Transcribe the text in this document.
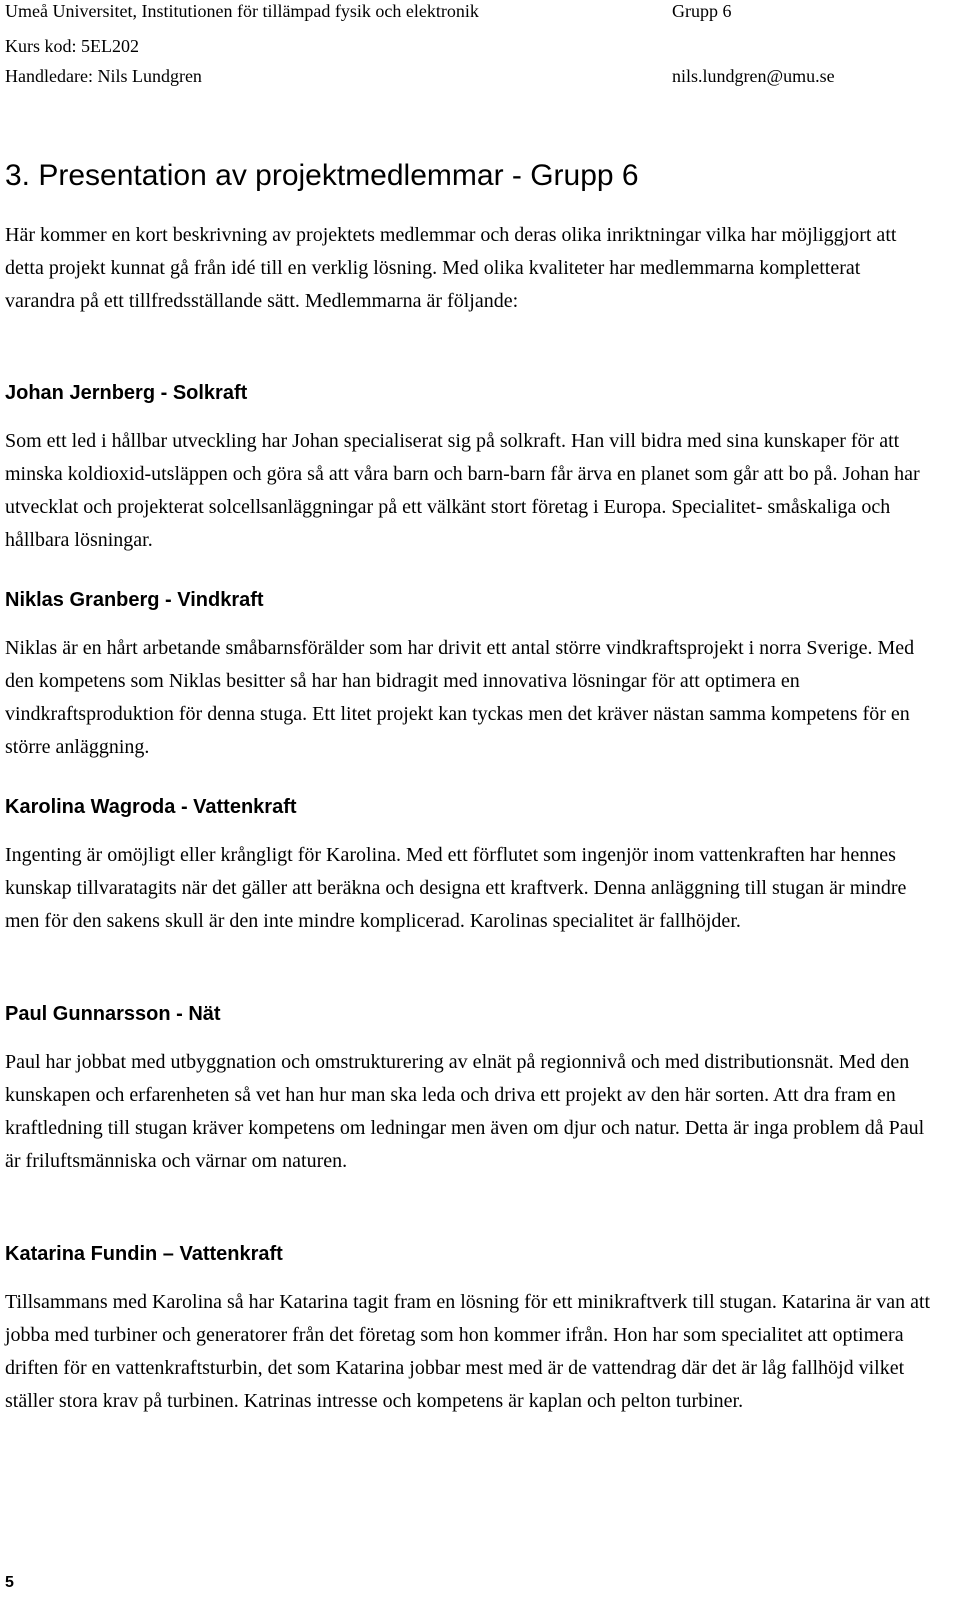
Umeå Universitet, Institutionen för tillämpad fysik och elektronik	Grupp 6
Kurs kod: 5EL202
Handledare: Nils Lundgren	nils.lundgren@umu.se
3. Presentation av projektmedlemmar - Grupp 6

Här kommer en kort beskrivning av projektets medlemmar och deras olika inriktningar vilka har möjliggjort att detta projekt kunnat gå från idé till en verklig lösning. Med olika kvaliteter har medlemmarna kompletterat varandra på ett tillfredsställande sätt. Medlemmarna är följande:

Johan Jernberg - Solkraft

Som ett led i hållbar utveckling har Johan specialiserat sig på solkraft. Han vill bidra med sina kunskaper för att minska koldioxid-utsläppen och göra så att våra barn och barn-barn får ärva en planet som går att bo på. Johan har utvecklat och projekterat solcellsanläggningar på ett välkänt stort företag i Europa. Specialitet- småskaliga och hållbara lösningar.

Niklas Granberg - Vindkraft

Niklas är en hårt arbetande småbarnsförälder som har drivit ett antal större vindkraftsprojekt i norra Sverige. Med den kompetens som Niklas besitter så har han bidragit med innovativa lösningar för att optimera en vindkraftsproduktion för denna stuga. Ett litet projekt kan tyckas men det kräver nästan samma kompetens för en större anläggning.

Karolina Wagroda - Vattenkraft

Ingenting är omöjligt eller krångligt för Karolina. Med ett förflutet som ingenjör inom vattenkraften har hennes kunskap tillvaratagits när det gäller att beräkna och designa ett kraftverk. Denna anläggning till stugan är mindre men för den sakens skull är den inte mindre komplicerad. Karolinas specialitet är fallhöjder.

Paul Gunnarsson - Nät

Paul har jobbat med utbyggnation och omstrukturering av elnät på regionnivå och med distributionsnät. Med den kunskapen och erfarenheten så vet han hur man ska leda och driva ett projekt av den här sorten. Att dra fram en kraftledning till stugan kräver kompetens om ledningar men även om djur och natur. Detta är inga problem då Paul är friluftsmänniska och värnar om naturen.

Katarina Fundin – Vattenkraft

Tillsammans med Karolina så har Katarina tagit fram en lösning för ett minikraftverk till stugan. Katarina är van att jobba med turbiner och generatorer från det företag som hon kommer ifrån. Hon har som specialitet att optimera driften för en vattenkraftsturbin, det som Katarina jobbar mest med är de vattendrag där det är låg fallhöjd vilket ställer stora krav på turbinen. Katrinas intresse och kompetens är kaplan och pelton turbiner.

5
